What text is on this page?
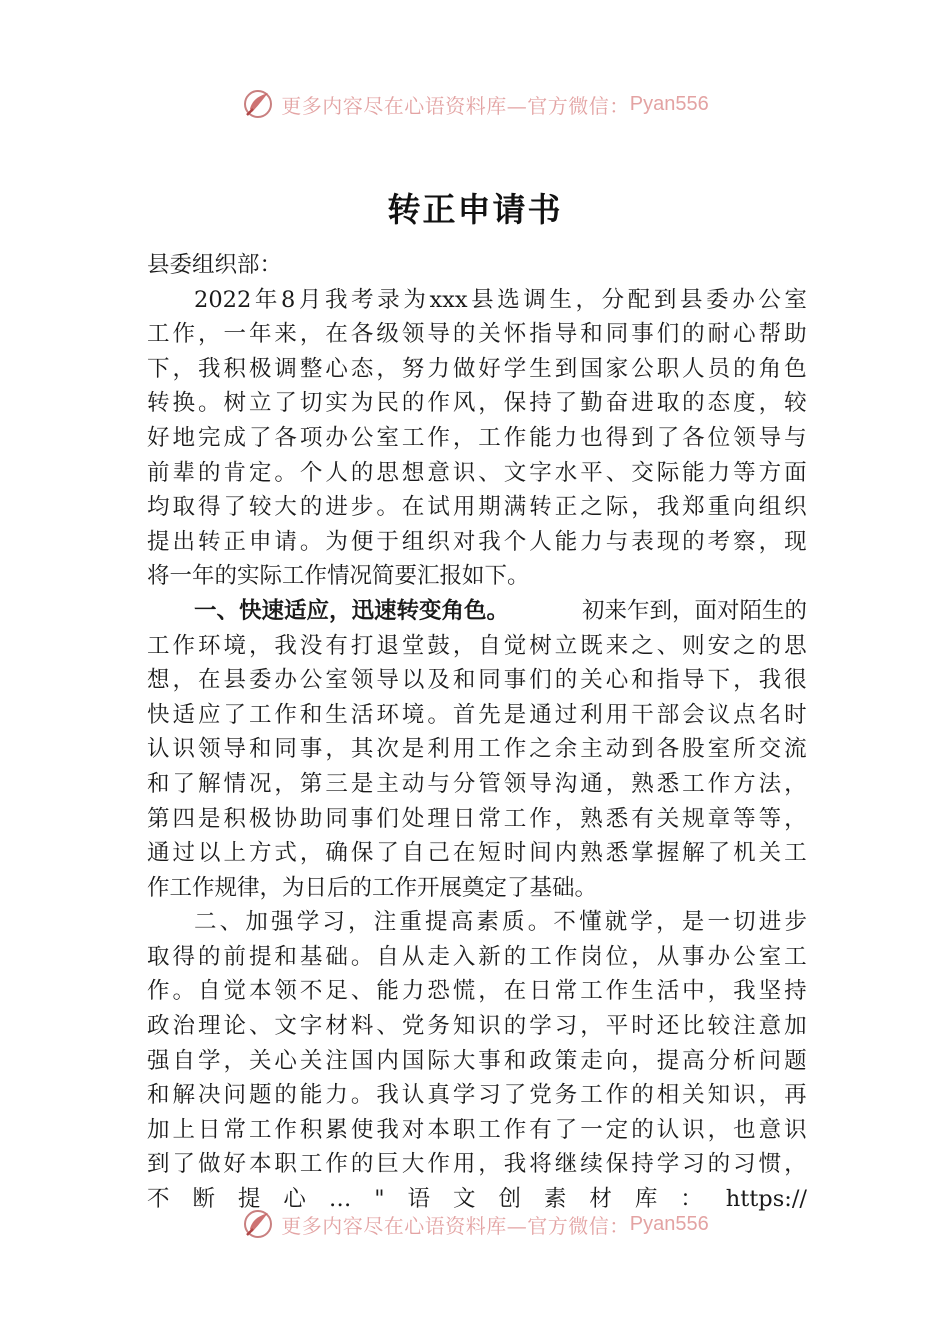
更多内容尽在心语资料库—官方微信： Pyan556
转正申请书
县委组织部：
2022 年 8 月 我 考 录 为 xxx 县 选 调 生 ， 分 配 到 县 委 办 公 室
工 作 ， 一 年 来 ， 在 各 级 领 导 的 关 怀 指 导 和 同 事 们 的 耐 心 帮 助
下 ， 我 积 极 调 整 心 态 ， 努 力 做 好 学 生 到 国 家 公 职 人 员 的 角 色
转 换 。 树 立 了 切 实 为 民 的 作 风 ， 保 持 了 勤 奋 进 取 的 态 度 ， 较
好 地 完 成 了 各 项 办 公 室 工 作 ， 工 作 能 力 也 得 到 了 各 位 领 导 与
前 辈 的 肯 定 。 个 人 的 思 想 意 识 、 文 字 水 平 、 交 际 能 力 等 方 面
均 取 得 了 较 大 的 进 步 。 在 试 用 期 满 转 正 之 际 ， 我 郑 重 向 组 织
提 出 转 正 申 请 。 为 便 于 组 织 对 我 个 人 能 力 与 表 现 的 考 察 ， 现
将一年的实际工作情况简要汇报如下。
一、快速适应，迅速转变角色。	初来乍到，面对陌生的
工 作 环 境 ， 我 没 有 打 退 堂 鼓 ， 自 觉 树 立 既 来 之 、 则 安 之 的 思
想 ， 在 县 委 办 公 室 领 导 以 及 和 同 事 们 的 关 心 和 指 导 下 ， 我 很
快 适 应 了 工 作 和 生 活 环 境 。 首 先 是 通 过 利 用 干 部 会 议 点 名 时
认 识 领 导 和 同 事 ， 其 次 是 利 用 工 作 之 余 主 动 到 各 股 室 所 交 流
和 了 解 情 况 ， 第 三 是 主 动 与 分 管 领 导 沟 通 ， 熟 悉 工 作 方 法 ，
第 四 是 积 极 协 助 同 事 们 处 理 日 常 工 作 ， 熟 悉 有 关 规 章 等 等 ，
通 过 以 上 方 式 ， 确 保 了 自 己 在 短 时 间 内 熟 悉 掌 握 解 了 机 关 工
作工作规律，为日后的工作开展奠定了基础。
二 、 加 强 学 习 ， 注 重 提 高 素 质 。 不 懂 就 学 ， 是 一 切 进 步
取 得 的 前 提 和 基 础 。 自 从 走 入 新 的 工 作 岗 位 ， 从 事 办 公 室 工
作 。 自 觉 本 领 不 足 、 能 力 恐 慌 ， 在 日 常 工 作 生 活 中 ， 我 坚 持
政 治 理 论 、 文 字 材 料 、 党 务 知 识 的 学 习 ， 平 时 还 比 较 注 意 加
强 自 学 ， 关 心 关 注 国 内 国 际 大 事 和 政 策 走 向 ， 提 高 分 析 问 题
和 解 决 问 题 的 能 力 。 我 认 真 学 习 了 党 务 工 作 的 相 关 知 识 ， 再
加 上 日 常 工 作 积 累 使 我 对 本 职 工 作 有 了 一 定 的 认 识 ， 也 意 识
到 了 做 好 本 职 工 作 的 巨 大 作 用 ， 我 将 继 续 保 持 学 习 的 习 惯 ，
不 断 提 心 … " 语 文 创 素 材 库 ： https://
更多内容尽在心语资料库—官方微信： Pyan556
